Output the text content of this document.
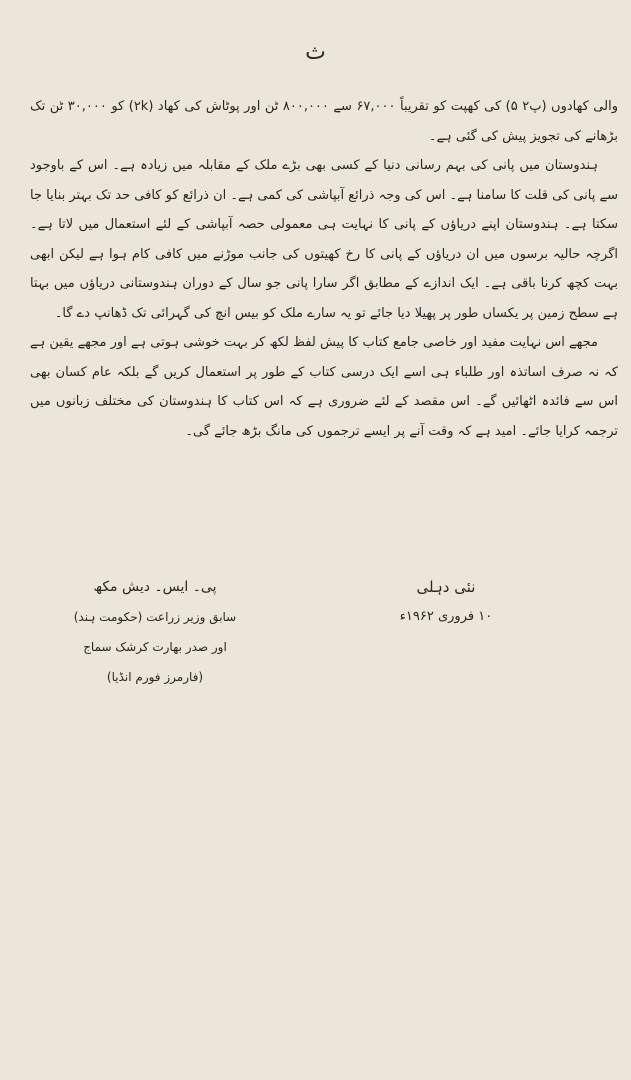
ث

والی کھادوں (پ۲ ۵) کی کھپت کو تقریباً ۶۷,۰۰۰ سے ۸۰۰,۰۰۰ ٹن اور پوٹاش کی کھاد (۲k) کو ۳۰,۰۰۰ ٹن تک بڑھانے کی تجویز پیش کی گئی ہے۔

ہندوستان میں پانی کی بہم رسانی دنیا کے کسی بھی بڑے ملک کے مقابلہ میں زیادہ ہے۔ اس کے باوجود سے پانی کی قلت کا سامنا ہے۔ اس کی وجہ ذرائع آبپاشی کی کمی ہے۔ ان ذرائع کو کافی حد تک بہتر بنایا جا سکتا ہے۔ ہندوستان اپنے دریاؤں کے پانی کا نہایت ہی معمولی حصہ آبپاشی کے لئے استعمال میں لاتا ہے۔ اگرچہ حالیہ برسوں میں ان دریاؤں کے پانی کا رخ کھیتوں کی جانب موڑنے میں کافی کام ہوا ہے لیکن ابھی بہت کچھ کرنا باقی ہے۔ ایک اندازے کے مطابق اگر سارا پانی جو سال کے دوران ہندوستانی دریاؤں میں بہتا ہے سطح زمین پر یکساں طور پر پھیلا دیا جائے تو یہ سارے ملک کو بیس انچ کی گہرائی تک ڈھانپ دے گا۔

مجھے اس نہایت مفید اور خاصی جامع کتاب کا پیش لفظ لکھ کر بہت خوشی ہوتی ہے اور مجھے یقین ہے کہ نہ صرف اساتذہ اور طلباء ہی اسے ایک درسی کتاب کے طور پر استعمال کریں گے بلکہ عام کسان بھی اس سے فائدہ اٹھائیں گے۔ اس مقصد کے لئے ضروری ہے کہ اس کتاب کا ہندوستان کی مختلف زبانوں میں ترجمہ کرایا جائے۔ امید ہے کہ وقت آنے پر ایسے ترجموں کی مانگ بڑھ جائے گی۔

نئی دہلی
۱۰ فروری ۱۹۶۲ء
پی۔ ایس۔ دیش مکھ
سابق وزیر زراعت (حکومت ہند)
اور صدر بھارت کرشک سماج
(فارمرز فورم انڈیا)
